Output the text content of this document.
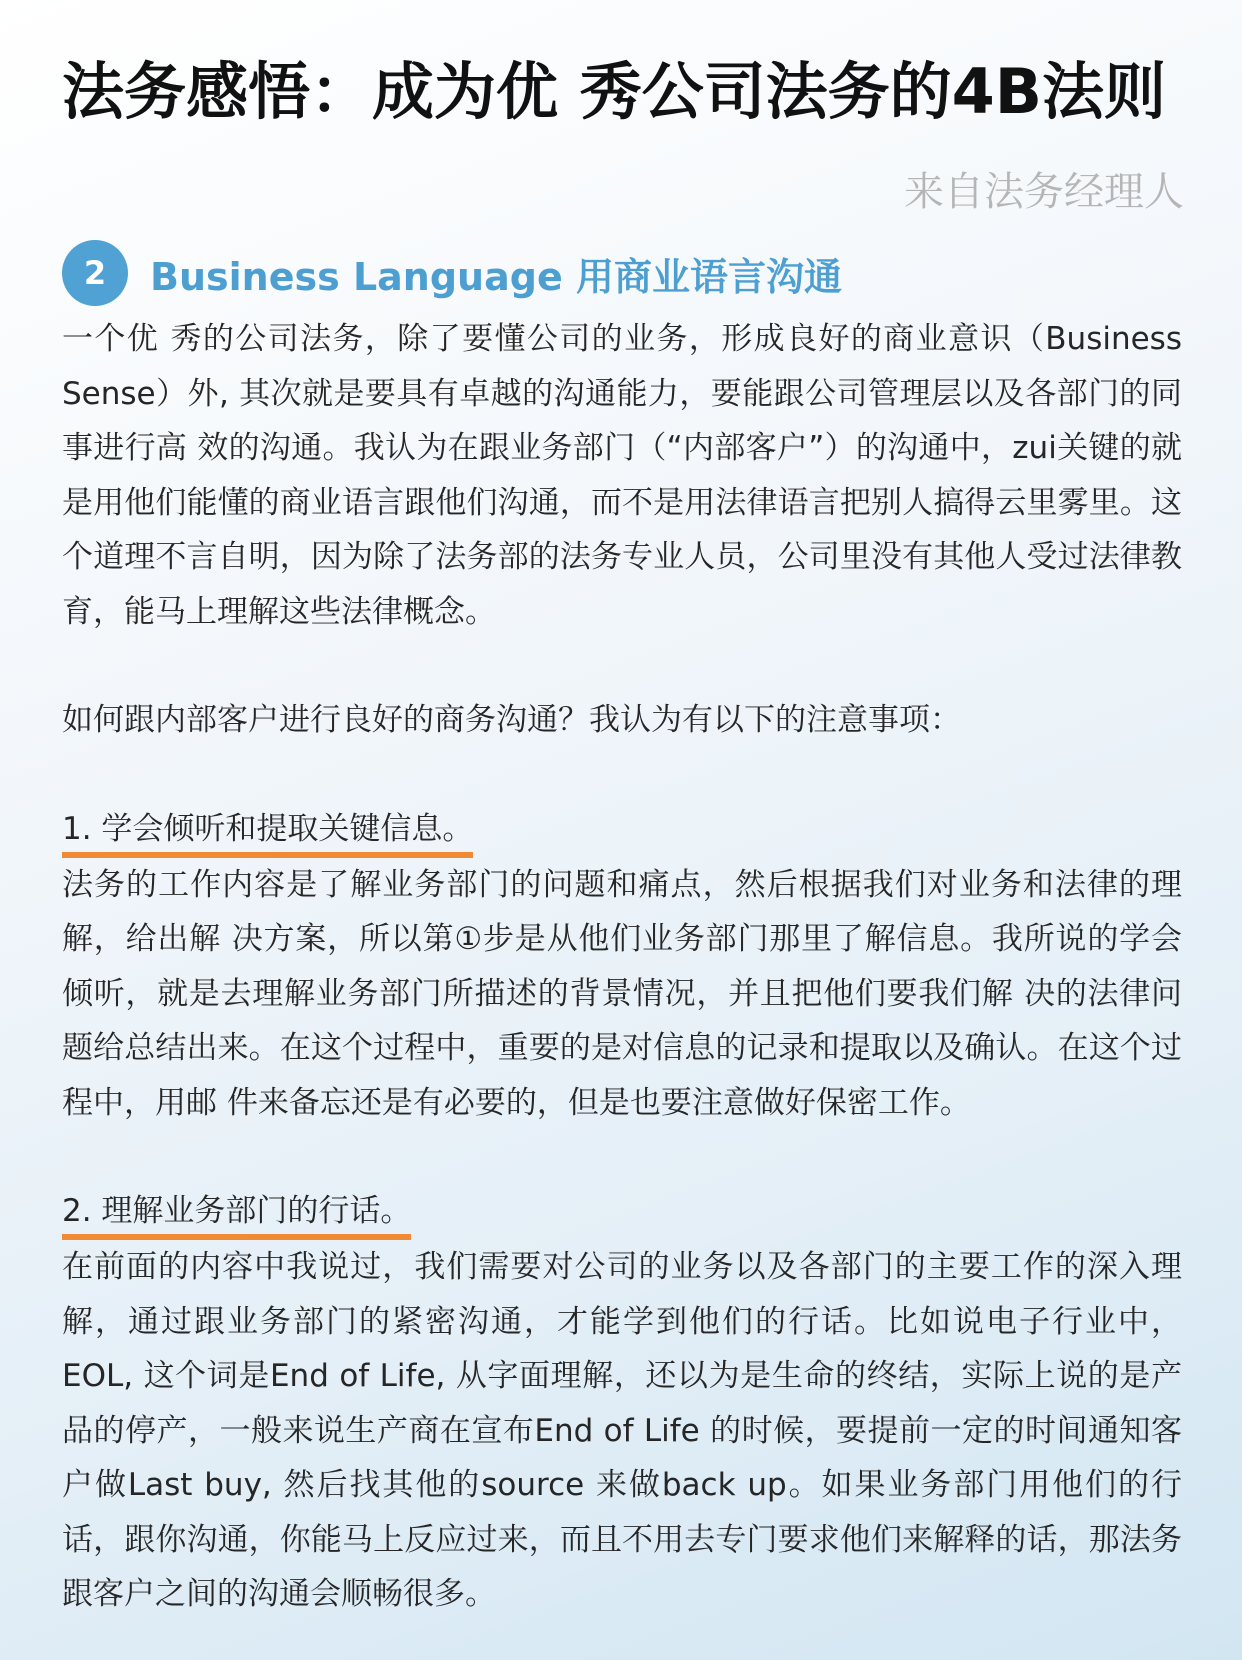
法务感悟：成为优 秀公司法务的4B法则
来自法务经理人
2	Business Language 用商业语言沟通

一个优 秀的公司法务，除了要懂公司的业务，形成良好的商业意识（Business Sense）外, 其次就是要具有卓越的沟通能力，要能跟公司管理层以及各部门的同事进行高 效的沟通。我认为在跟业务部门（“内部客户”）的沟通中，zui关键的就是用他们能懂的商业语言跟他们沟通，而不是用法律语言把别人搞得云里雾里。这个道理不言自明，因为除了法务部的法务专业人员，公司里没有其他人受过法律教育，能马上理解这些法律概念。

如何跟内部客户进行良好的商务沟通？我认为有以下的注意事项：

1. 学会倾听和提取关键信息。

法务的工作内容是了解业务部门的问题和痛点，然后根据我们对业务和法律的理解，给出解 决方案，所以第①步是从他们业务部门那里了解信息。我所说的学会倾听，就是去理解业务部门所描述的背景情况，并且把他们要我们解 决的法律问题给总结出来。在这个过程中，重要的是对信息的记录和提取以及确认。在这个过程中，用邮 件来备忘还是有必要的，但是也要注意做好保密工作。

2. 理解业务部门的行话。

在前面的内容中我说过，我们需要对公司的业务以及各部门的主要工作的深入理解，通过跟业务部门的紧密沟通，才能学到他们的行话。比如说电子行业中，EOL, 这个词是End of Life, 从字面理解，还以为是生命的终结，实际上说的是产品的停产，一般来说生产商在宣布End of Life 的时候，要提前一定的时间通知客户做Last buy, 然后找其他的source 来做back up。如果业务部门用他们的行话，跟你沟通，你能马上反应过来，而且不用去专门要求他们来解释的话，那法务跟客户之间的沟通会顺畅很多。
